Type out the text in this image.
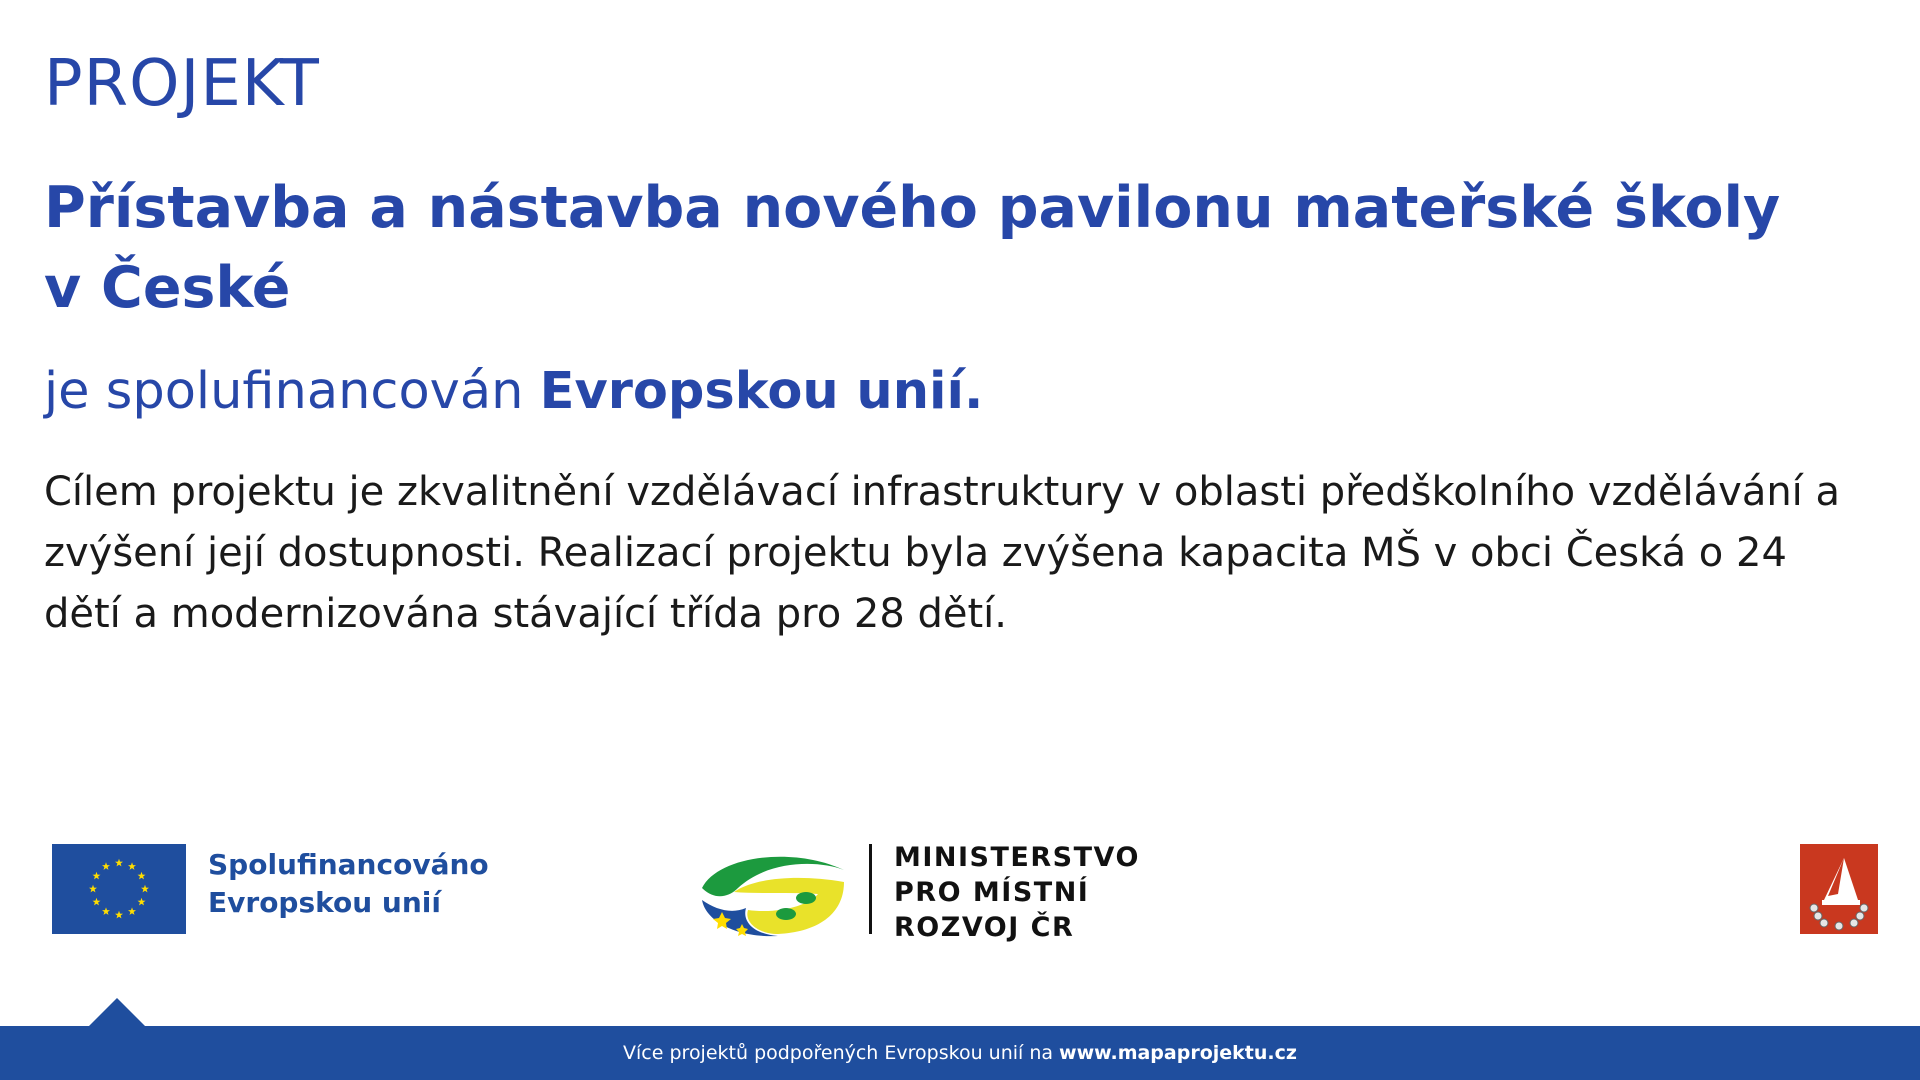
PROJEKT
Přístavba a nástavba nového pavilonu mateřské školy v České
je spolufinancován Evropskou unií.
Cílem projektu je zkvalitnění vzdělávací infrastruktury v oblasti předškolního vzdělávání a zvýšení její dostupnosti. Realizací projektu byla zvýšena kapacita MŠ v obci Česká o 24 dětí a modernizována stávající třída pro 28 dětí.
Spolufinancováno
Evropskou unií
MINISTERSTVO
PRO MÍSTNÍ
ROZVOJ ČR
Více projektů podpořených Evropskou unií na www.mapaprojektu.cz
